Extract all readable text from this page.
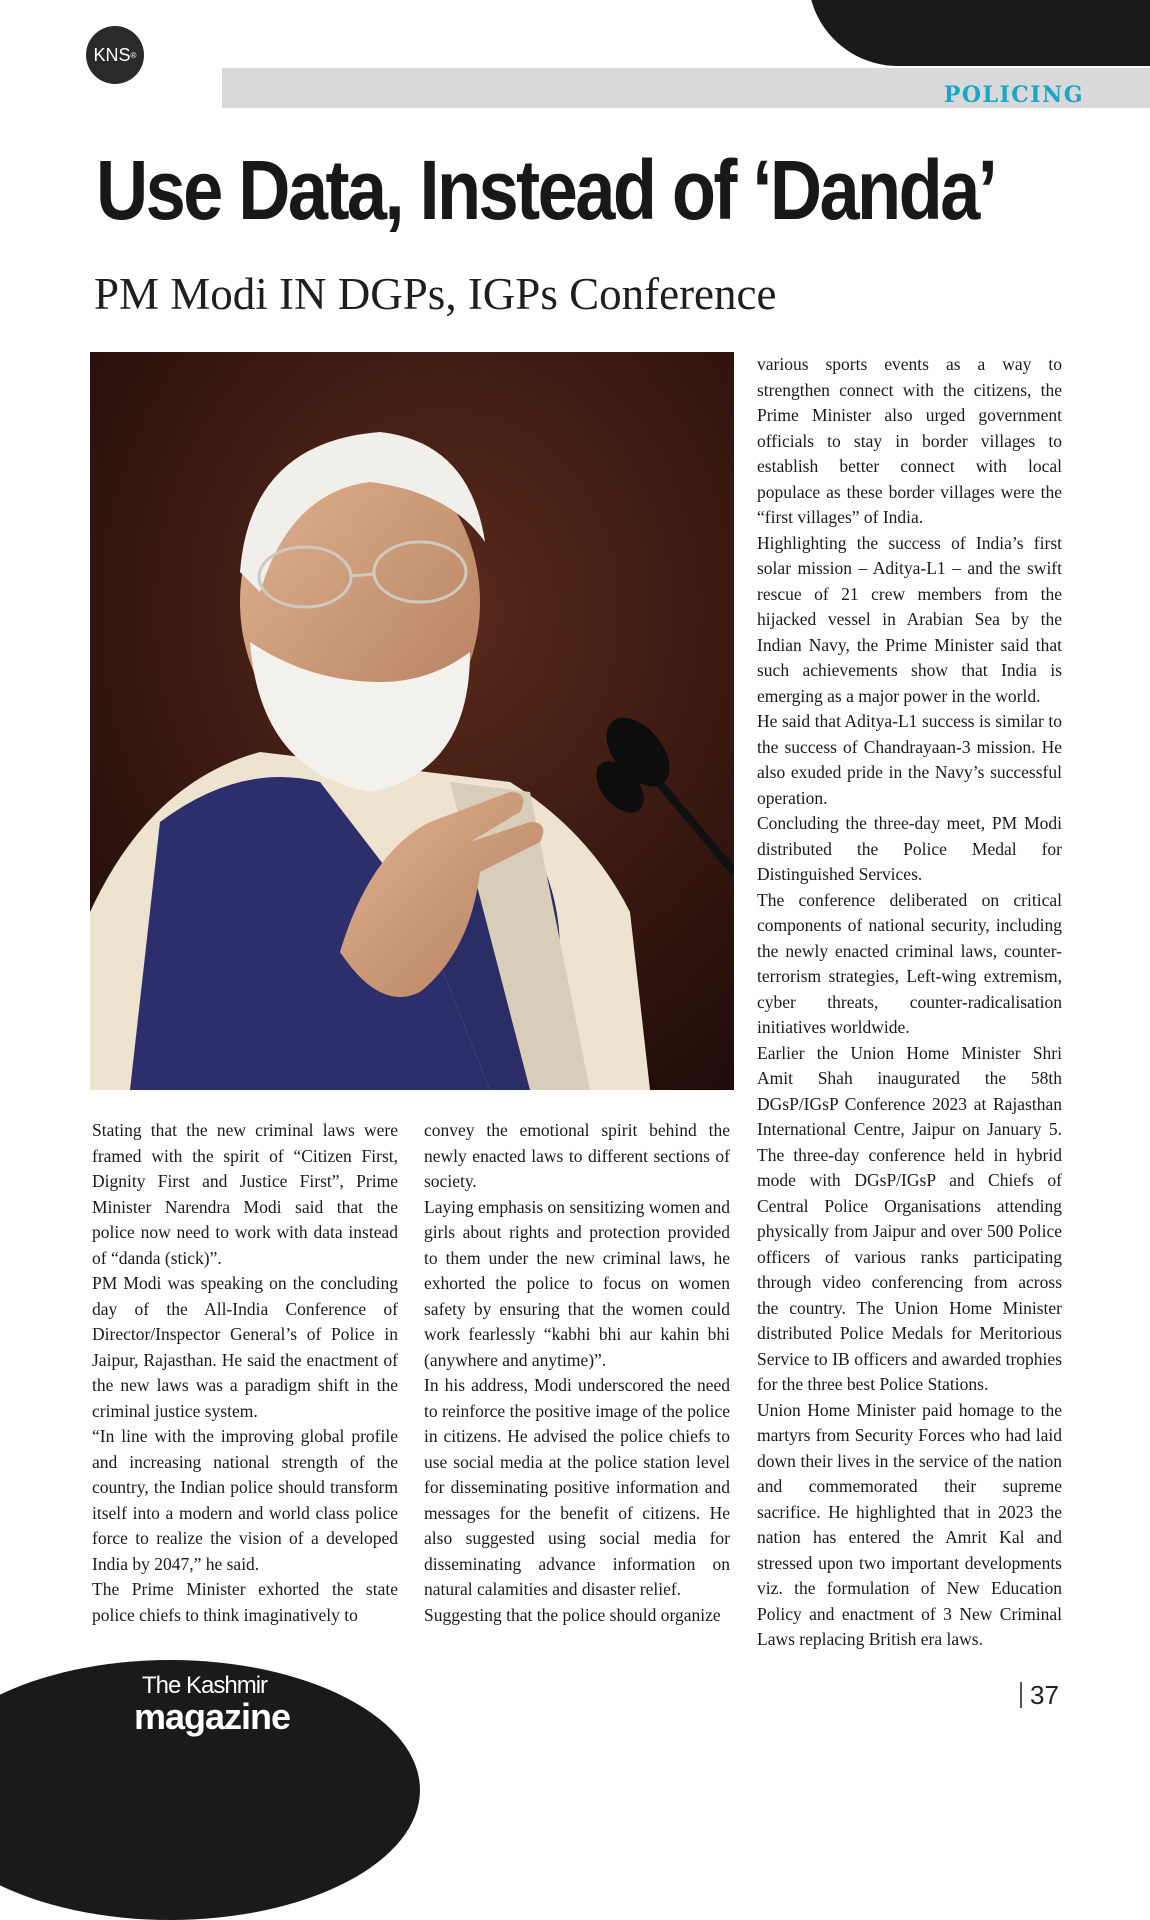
POLICING
KNS ®
Use Data, Instead of ‘Danda’
PM Modi IN DGPs, IGPs Conference

Stating that the new criminal laws were framed with the spirit of “Citizen First, Dignity First and Justice First”, Prime Minister Narendra Modi said that the police now need to work with data instead of “danda (stick)”.

PM Modi was speaking on the concluding day of the All-India Conference of Director/Inspector General’s of Police in Jaipur, Rajasthan. He said the enactment of the new laws was a paradigm shift in the criminal justice system.

“In line with the improving global profile and increasing national strength of the country, the Indian police should transform itself into a modern and world class police force to realize the vision of a developed India by 2047,” he said.

The Prime Minister exhorted the state police chiefs to think imaginatively to

convey the emotional spirit behind the newly enacted laws to different sections of society.

Laying emphasis on sensitizing women and girls about rights and protection provided to them under the new criminal laws, he exhorted the police to focus on women safety by ensuring that the women could work fearlessly “kabhi bhi aur kahin bhi (anywhere and anytime)”.

In his address, Modi underscored the need to reinforce the positive image of the police in citizens. He advised the police chiefs to use social media at the police station level for disseminating positive information and messages for the benefit of citizens. He also suggested using social media for disseminating advance information on natural calamities and disaster relief.

Suggesting that the police should organize

various sports events as a way to strengthen connect with the citizens, the Prime Minister also urged government officials to stay in border villages to establish better connect with local populace as these border villages were the “first villages” of India.

Highlighting the success of India’s first solar mission – Aditya-L1 – and the swift rescue of 21 crew members from the hijacked vessel in Arabian Sea by the Indian Navy, the Prime Minister said that such achievements show that India is emerging as a major power in the world.

He said that Aditya-L1 success is similar to the success of Chandrayaan-3 mission. He also exuded pride in the Navy’s successful operation.

Concluding the three-day meet, PM Modi distributed the Police Medal for Distinguished Services.

The conference deliberated on critical components of national security, including the newly enacted criminal laws, counter-terrorism strategies, Left-wing extremism, cyber threats, counter-radicalisation initiatives worldwide.

Earlier the Union Home Minister Shri Amit Shah inaugurated the 58th DGsP/IGsP Conference 2023 at Rajasthan International Centre, Jaipur on January 5. The three-day conference held in hybrid mode with DGsP/IGsP and Chiefs of Central Police Organisations attending physically from Jaipur and over 500 Police officers of various ranks participating through video conferencing from across the country. The Union Home Minister distributed Police Medals for Meritorious Service to IB officers and awarded trophies for the three best Police Stations.

Union Home Minister paid homage to the martyrs from Security Forces who had laid down their lives in the service of the nation and commemorated their supreme sacrifice. He highlighted that in 2023 the nation has entered the Amrit Kal and stressed upon two important developments viz. the formulation of New Education Policy and enactment of 3 New Criminal Laws replacing British era laws.

The Kashmir
magazine
37
